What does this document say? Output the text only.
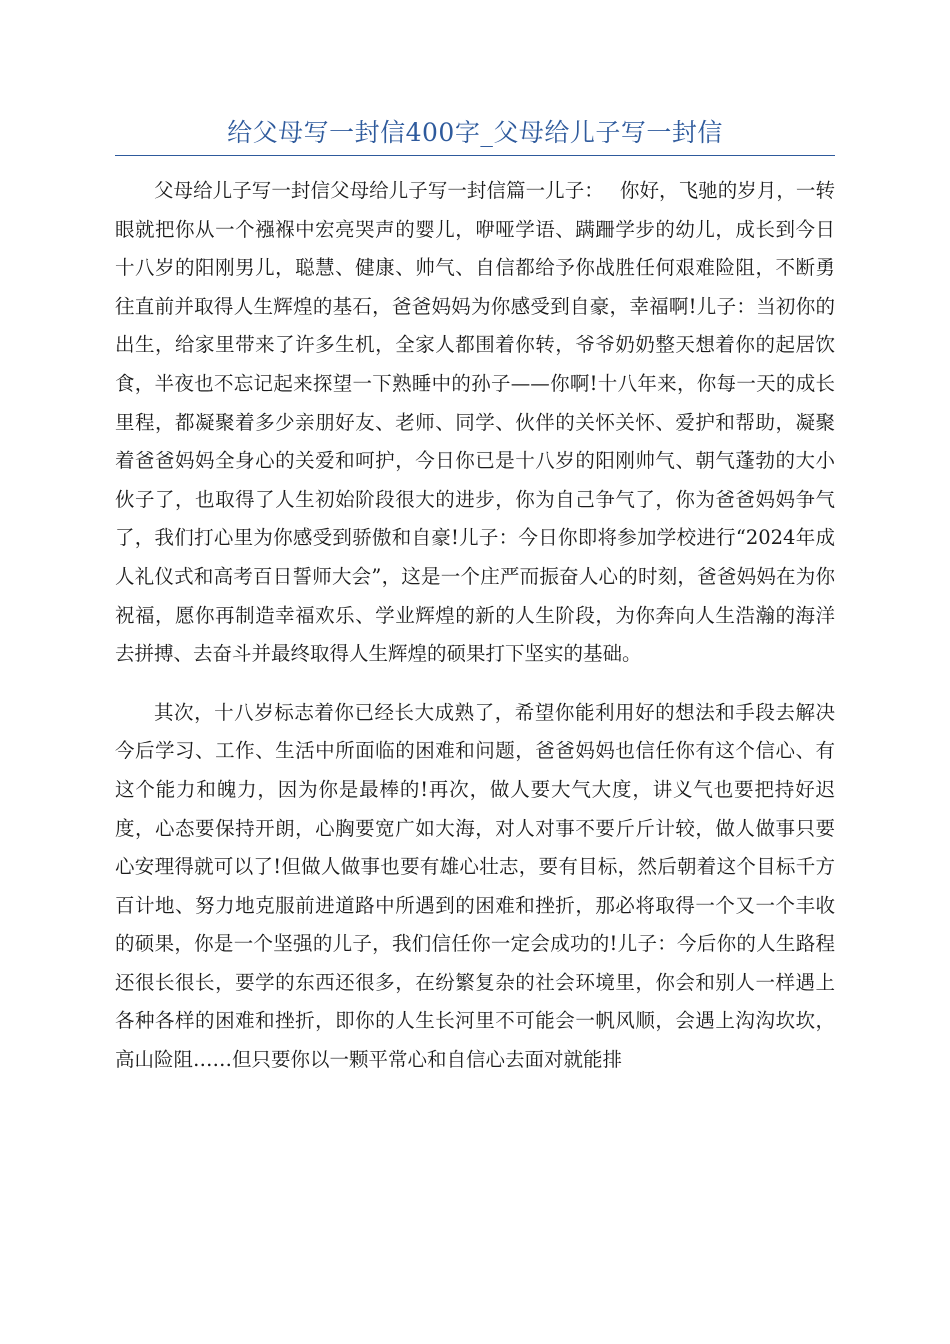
给父母写一封信400字_父母给儿子写一封信

父母给儿子写一封信父母给儿子写一封信篇一儿子：　 你好，飞驰的岁月，一转眼就把你从一个襁褓中宏亮哭声的婴儿，咿哑学语、蹒跚学步的幼儿，成长到今日十八岁的阳刚男儿，聪慧、健康、帅气、自信都给予你战胜任何艰难险阻，不断勇往直前并取得人生辉煌的基石，爸爸妈妈为你感受到自豪，幸福啊!儿子：当初你的出生，给家里带来了许多生机，全家人都围着你转，爷爷奶奶整天想着你的起居饮食，半夜也不忘记起来探望一下熟睡中的孙子——你啊!十八年来，你每一天的成长里程，都凝聚着多少亲朋好友、老师、同学、伙伴的关怀关怀、爱护和帮助，凝聚着爸爸妈妈全身心的关爱和呵护，今日你已是十八岁的阳刚帅气、朝气蓬勃的大小伙子了，也取得了人生初始阶段很大的进步，你为自己争气了，你为爸爸妈妈争气了，我们打心里为你感受到骄傲和自豪!儿子：今日你即将参加学校进行“2024年成人礼仪式和高考百日誓师大会”，这是一个庄严而振奋人心的时刻，爸爸妈妈在为你祝福，愿你再制造幸福欢乐、学业辉煌的新的人生阶段，为你奔向人生浩瀚的海洋去拼搏、去奋斗并最终取得人生辉煌的硕果打下坚实的基础。

其次，十八岁标志着你已经长大成熟了，希望你能利用好的想法和手段去解决今后学习、工作、生活中所面临的困难和问题，爸爸妈妈也信任你有这个信心、有这个能力和魄力，因为你是最棒的!再次，做人要大气大度，讲义气也要把持好迟度，心态要保持开朗，心胸要宽广如大海，对人对事不要斤斤计较，做人做事只要心安理得就可以了!但做人做事也要有雄心壮志，要有目标，然后朝着这个目标千方百计地、努力地克服前进道路中所遇到的困难和挫折，那必将取得一个又一个丰收的硕果，你是一个坚强的儿子，我们信任你一定会成功的!儿子：今后你的人生路程还很长很长，要学的东西还很多，在纷繁复杂的社会环境里，你会和别人一样遇上各种各样的困难和挫折，即你的人生长河里不可能会一帆风顺，会遇上沟沟坎坎，高山险阻……但只要你以一颗平常心和自信心去面对就能排
